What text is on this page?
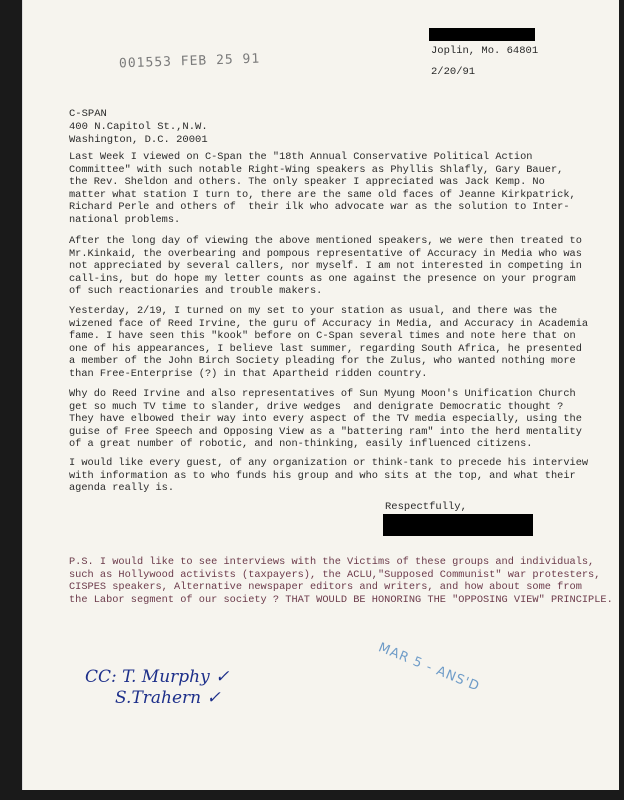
001553 FEB 25 91
Joplin, Mo. 64801
2/20/91
C-SPAN
400 N.Capitol St.,N.W.
Washington, D.C. 20001
Last Week I viewed on C-Span the "18th Annual Conservative Political Action
Committee" with such notable Right-Wing speakers as Phyllis Shlafly, Gary Bauer,
the Rev. Sheldon and others. The only speaker I appreciated was Jack Kemp. No
matter what station I turn to, there are the same old faces of Jeanne Kirkpatrick,
Richard Perle and others of  their ilk who advocate war as the solution to Inter-
national problems.
After the long day of viewing the above mentioned speakers, we were then treated to
Mr.Kinkaid, the overbearing and pompous representative of Accuracy in Media who was
not appreciated by several callers, nor myself. I am not interested in competing in
call-ins, but do hope my letter counts as one against the presence on your program
of such reactionaries and trouble makers.
Yesterday, 2/19, I turned on my set to your station as usual, and there was the
wizened face of Reed Irvine, the guru of Accuracy in Media, and Accuracy in Academia
fame. I have seen this "kook" before on C-Span several times and note here that on
one of his appearances, I believe last summer, regarding South Africa, he presented
a member of the John Birch Society pleading for the Zulus, who wanted nothing more
than Free-Enterprise (?) in that Apartheid ridden country.
Why do Reed Irvine and also representatives of Sun Myung Moon's Unification Church
get so much TV time to slander, drive wedges  and denigrate Democratic thought ?
They have elbowed their way into every aspect of the TV media especially, using the
guise of Free Speech and Opposing View as a "battering ram" into the herd mentality
of a great number of robotic, and non-thinking, easily influenced citizens.
I would like every guest, of any organization or think-tank to precede his interview
with information as to who funds his group and who sits at the top, and what their
agenda really is.
Respectfully,
P.S. I would like to see interviews with the Victims of these groups and individuals,
such as Hollywood activists (taxpayers), the ACLU,"Supposed Communist" war protesters,
CISPES speakers, Alternative newspaper editors and writers, and how about some from
the Labor segment of our society ? THAT WOULD BE HONORING THE "OPPOSING VIEW" PRINCIPLE.
CC: T. Murphy ✓
S.Trahern ✓
MAR 5 - ANS'D
